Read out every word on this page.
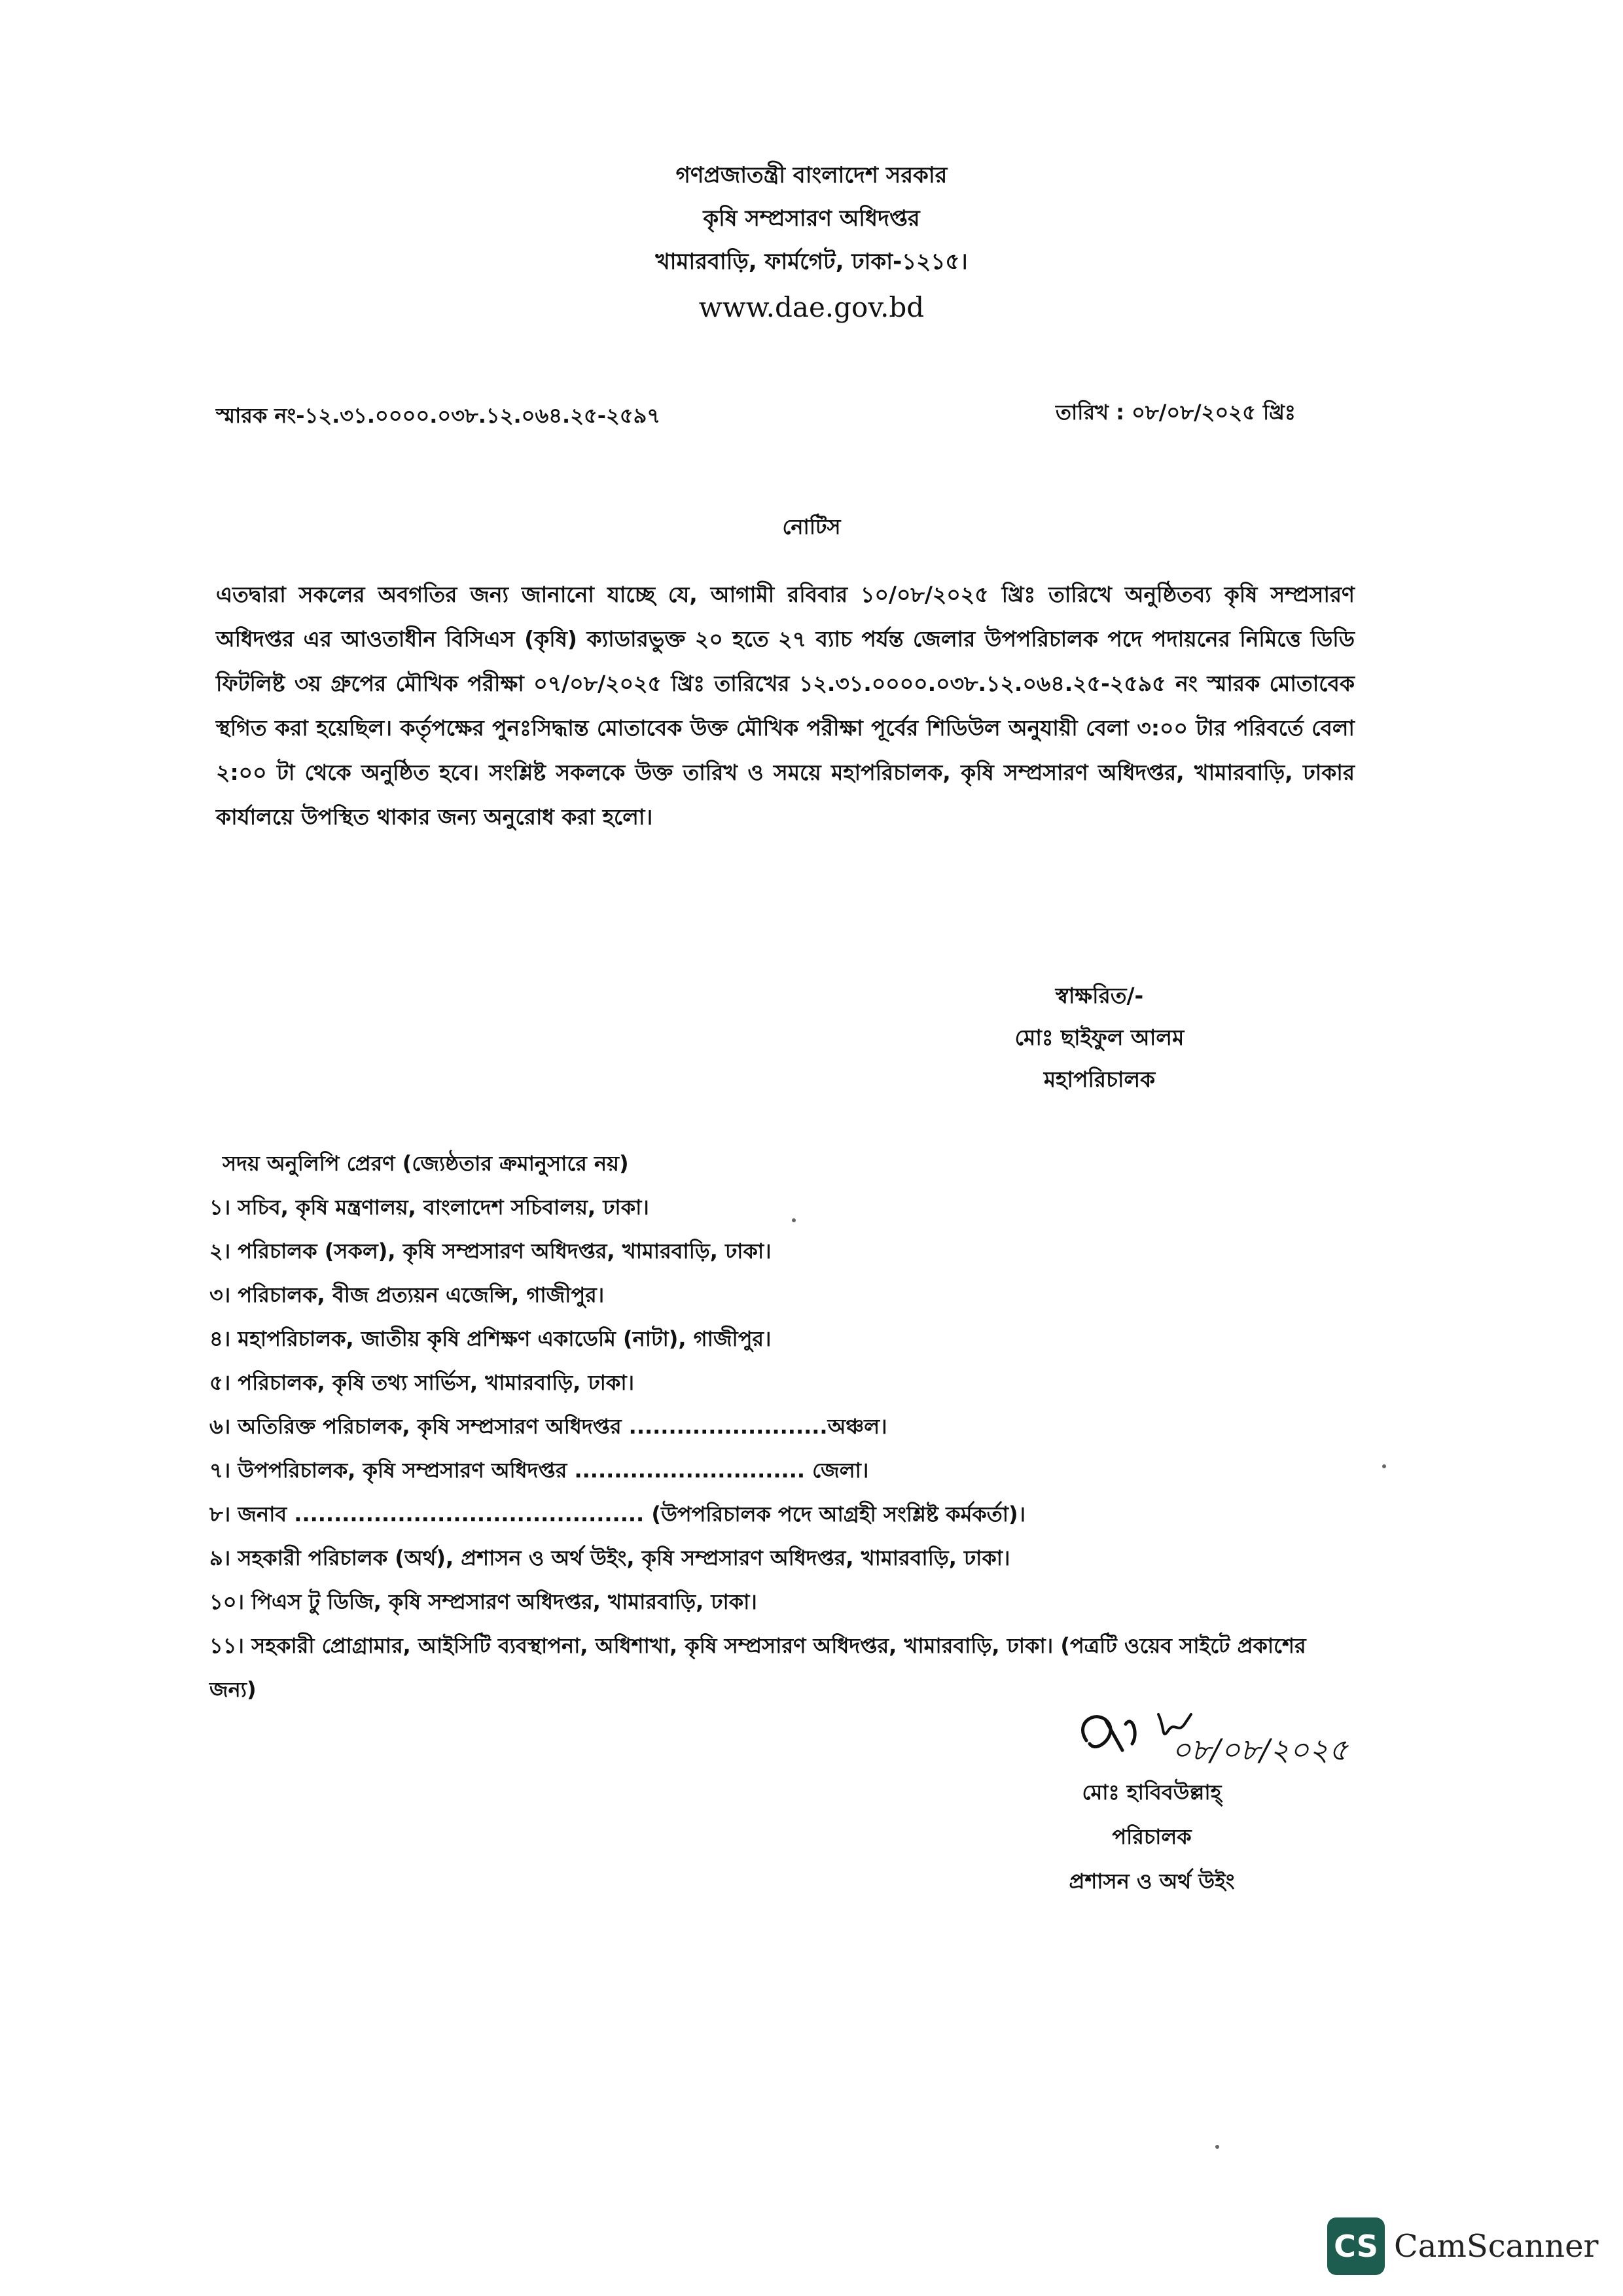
গণপ্রজাতন্ত্রী বাংলাদেশ সরকার
কৃষি সম্প্রসারণ অধিদপ্তর
খামারবাড়ি, ফার্মগেট, ঢাকা-১২১৫।
www.dae.gov.bd
স্মারক নং-১২.৩১.০০০০.০৩৮.১২.০৬৪.২৫-২৫৯৭	তারিখ : ০৮/০৮/২০২৫ খ্রিঃ
নোটিস
এতদ্বারা সকলের অবগতির জন্য জানানো যাচ্ছে যে, আগামী রবিবার ১০/০৮/২০২৫ খ্রিঃ তারিখে অনুষ্ঠিতব্য কৃষি সম্প্রসারণ অধিদপ্তর এর আওতাধীন বিসিএস (কৃষি) ক্যাডারভুক্ত ২০ হতে ২৭ ব্যাচ পর্যন্ত জেলার উপপরিচালক পদে পদায়নের নিমিত্তে ডিডি ফিটলিষ্ট ৩য় গ্রুপের মৌখিক পরীক্ষা ০৭/০৮/২০২৫ খ্রিঃ তারিখের ১২.৩১.০০০০.০৩৮.১২.০৬৪.২৫-২৫৯৫ নং স্মারক মোতাবেক স্থগিত করা হয়েছিল। কর্তৃপক্ষের পুনঃসিদ্ধান্ত মোতাবেক উক্ত মৌখিক পরীক্ষা পূর্বের শিডিউল অনুযায়ী বেলা ৩:০০ টার পরিবর্তে বেলা ২:০০ টা থেকে অনুষ্ঠিত হবে। সংশ্লিষ্ট সকলকে উক্ত তারিখ ও সময়ে মহাপরিচালক, কৃষি সম্প্রসারণ অধিদপ্তর, খামারবাড়ি, ঢাকার কার্যালয়ে উপস্থিত থাকার জন্য অনুরোধ করা হলো।
স্বাক্ষরিত/-
মোঃ ছাইফুল আলম
মহাপরিচালক
সদয় অনুলিপি প্রেরণ (জ্যেষ্ঠতার ক্রমানুসারে নয়)
১। সচিব, কৃষি মন্ত্রণালয়, বাংলাদেশ সচিবালয়, ঢাকা।
২। পরিচালক (সকল), কৃষি সম্প্রসারণ অধিদপ্তর, খামারবাড়ি, ঢাকা।
৩। পরিচালক, বীজ প্রত্যয়ন এজেন্সি, গাজীপুর।
৪। মহাপরিচালক, জাতীয় কৃষি প্রশিক্ষণ একাডেমি (নাটা), গাজীপুর।
৫। পরিচালক, কৃষি তথ্য সার্ভিস, খামারবাড়ি, ঢাকা।
৬। অতিরিক্ত পরিচালক, কৃষি সম্প্রসারণ অধিদপ্তর .........................অঞ্চল।
৭। উপপরিচালক, কৃষি সম্প্রসারণ অধিদপ্তর ............................. জেলা।
৮। জনাব ............................................ (উপপরিচালক পদে আগ্রহী সংশ্লিষ্ট কর্মকর্তা)।
৯। সহকারী পরিচালক (অর্থ), প্রশাসন ও অর্থ উইং, কৃষি সম্প্রসারণ অধিদপ্তর, খামারবাড়ি, ঢাকা।
১০। পিএস টু ডিজি, কৃষি সম্প্রসারণ অধিদপ্তর, খামারবাড়ি, ঢাকা।
১১। সহকারী প্রোগ্রামার, আইসিটি ব্যবস্থাপনা, অধিশাখা, কৃষি সম্প্রসারণ অধিদপ্তর, খামারবাড়ি, ঢাকা। (পত্রটি ওয়েব সাইটে প্রকাশের জন্য)
০৮/০৮/২০২৫
মোঃ হাবিবউল্লাহ্
পরিচালক
প্রশাসন ও অর্থ উইং
CS CamScanner
